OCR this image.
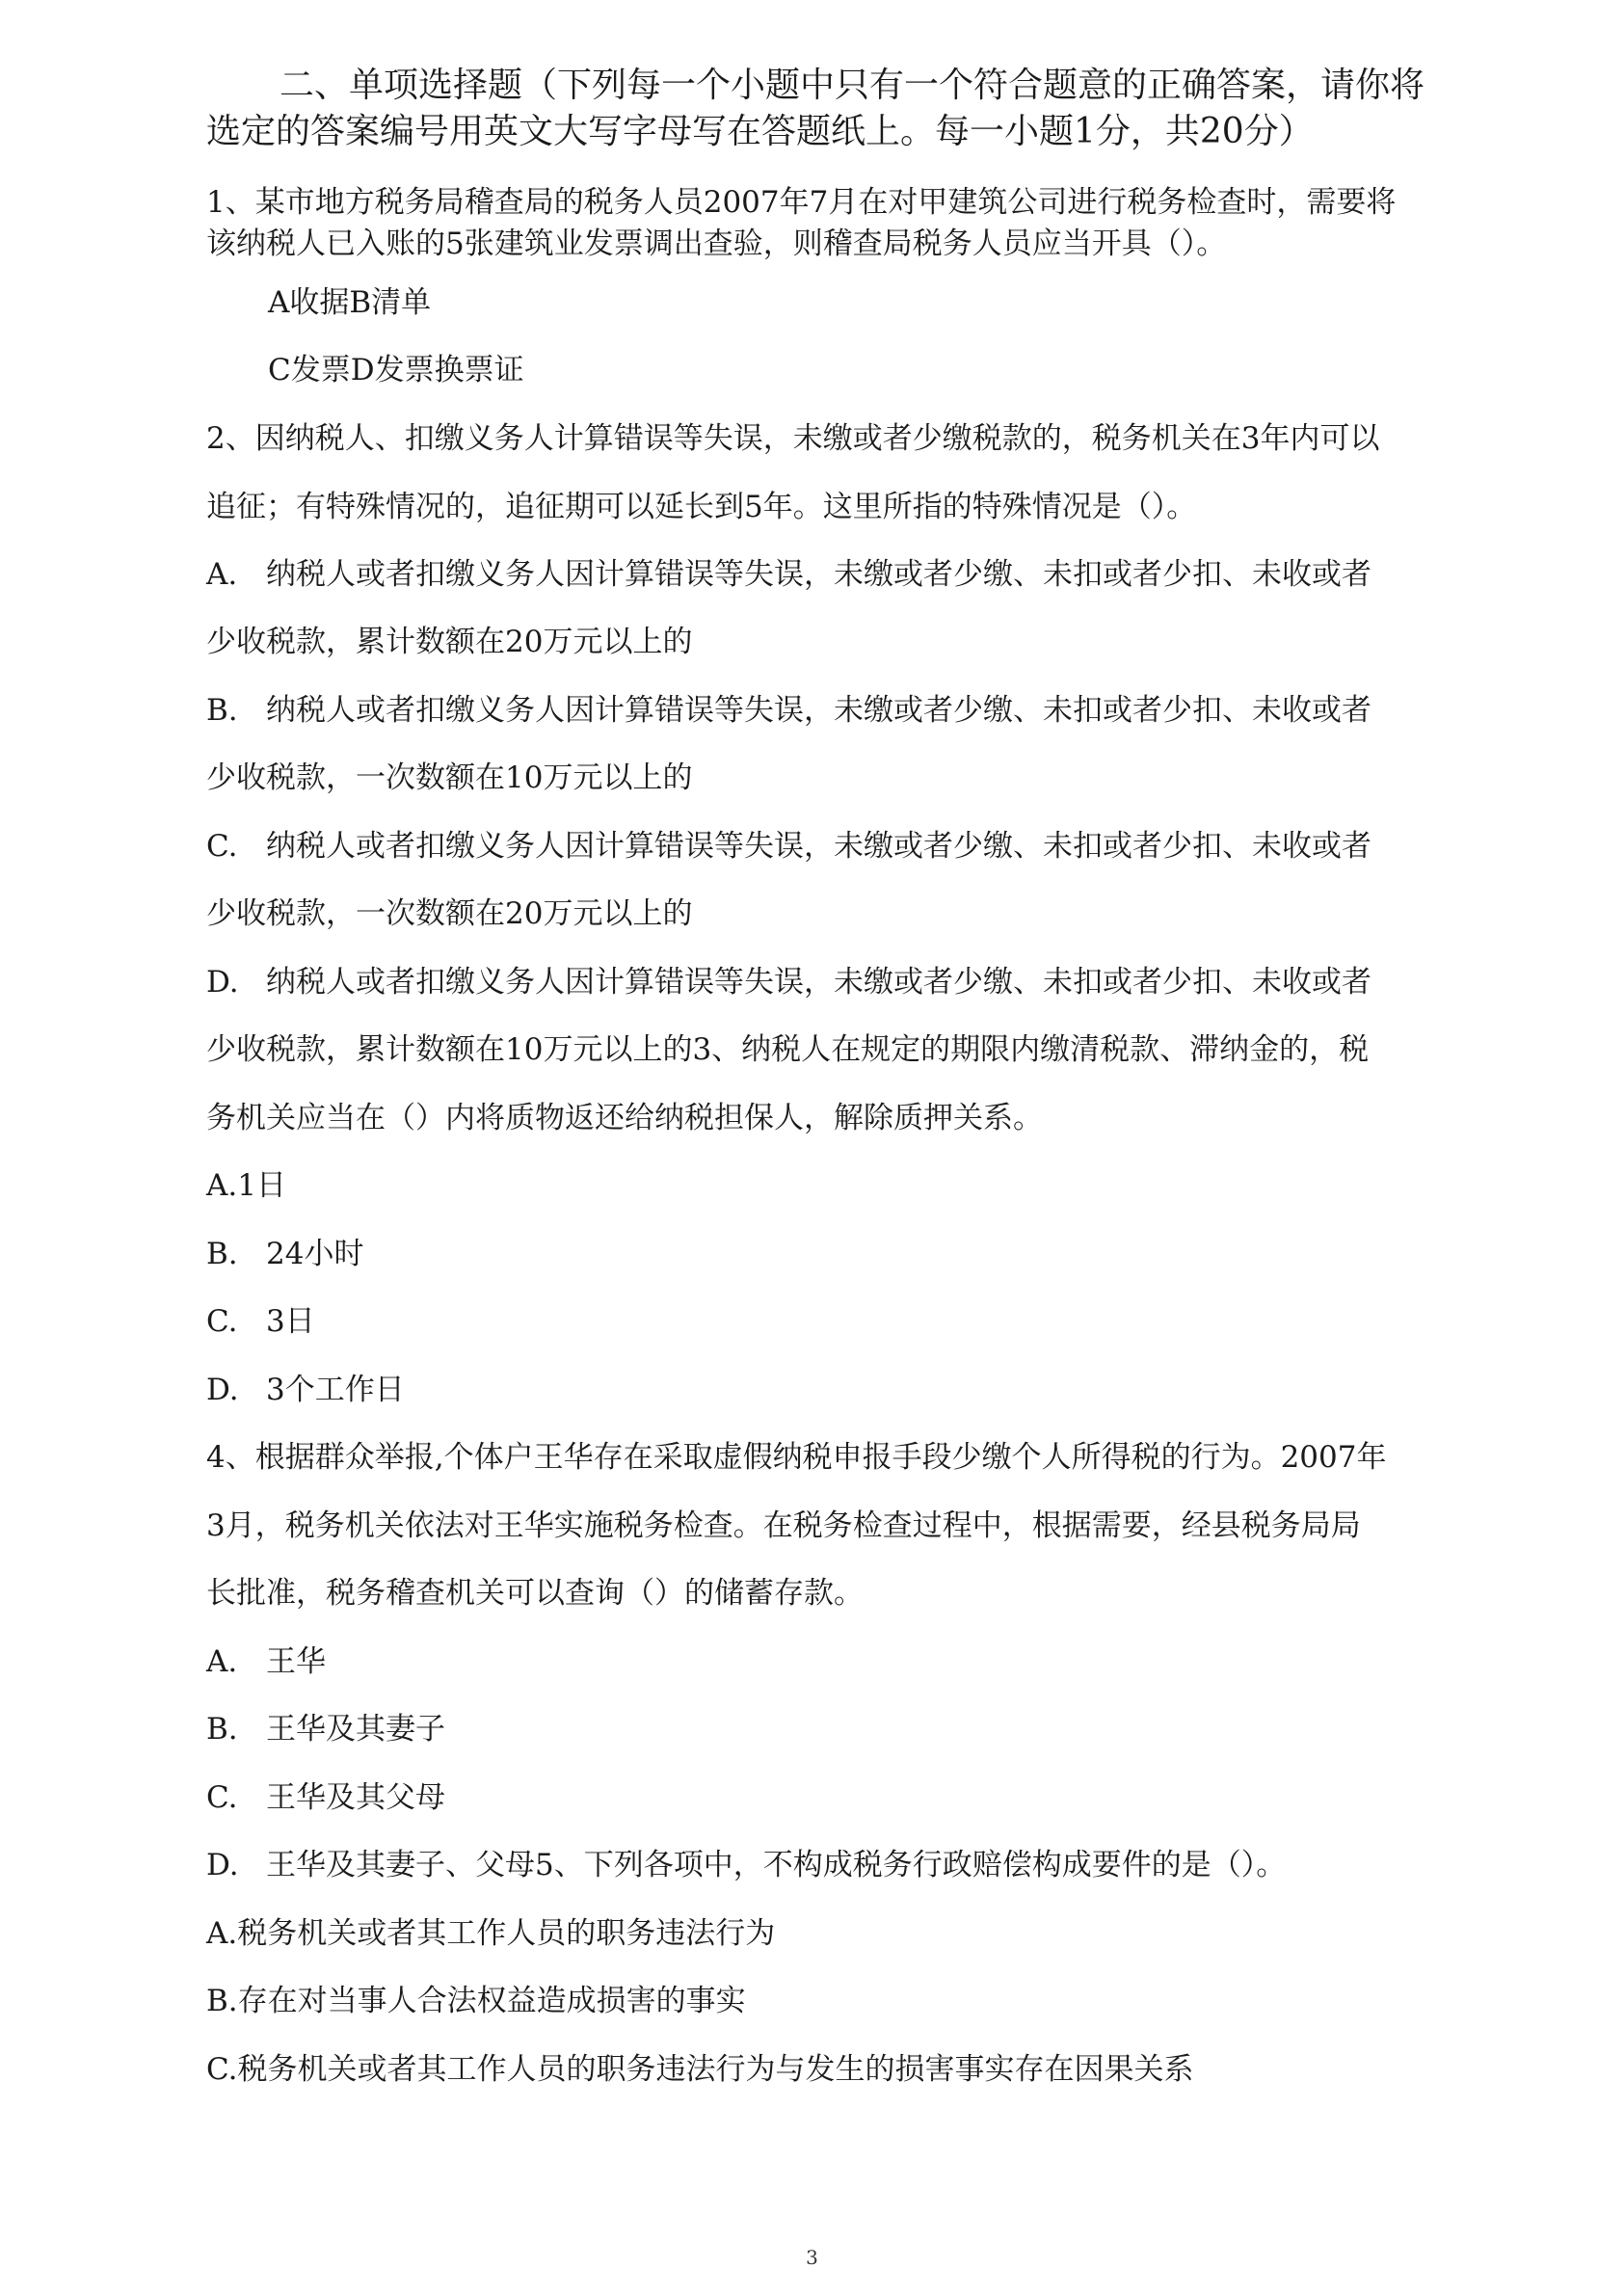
二、单项选择题（下列每一个小题中只有一个符合题意的正确答案，请你将
选定的答案编号用英文大写字母写在答题纸上。每一小题1分，共20分）
1、某市地方税务局稽查局的税务人员2007年7月在对甲建筑公司进行税务检查时，需要将
该纳税人已入账的5张建筑业发票调出查验，则稽查局税务人员应当开具（）。
A收据B清单
C发票D发票换票证
2、因纳税人、扣缴义务人计算错误等失误，未缴或者少缴税款的，税务机关在3年内可以
追征；有特殊情况的，追征期可以延长到5年。这里所指的特殊情况是（）。
A. 纳税人或者扣缴义务人因计算错误等失误，未缴或者少缴、未扣或者少扣、未收或者
少收税款，累计数额在20万元以上的
B. 纳税人或者扣缴义务人因计算错误等失误，未缴或者少缴、未扣或者少扣、未收或者
少收税款，一次数额在10万元以上的
C. 纳税人或者扣缴义务人因计算错误等失误，未缴或者少缴、未扣或者少扣、未收或者
少收税款，一次数额在20万元以上的
D. 纳税人或者扣缴义务人因计算错误等失误，未缴或者少缴、未扣或者少扣、未收或者
少收税款，累计数额在10万元以上的3、纳税人在规定的期限内缴清税款、滞纳金的，税
务机关应当在（）内将质物返还给纳税担保人，解除质押关系。
A.1日
B. 24小时
C. 3日
D. 3个工作日
4、根据群众举报,个体户王华存在采取虚假纳税申报手段少缴个人所得税的行为。2007年
3月，税务机关依法对王华实施税务检查。在税务检查过程中，根据需要，经县税务局局
长批准，税务稽查机关可以查询（）的储蓄存款。
A. 王华
B. 王华及其妻子
C. 王华及其父母
D. 王华及其妻子、父母5、下列各项中，不构成税务行政赔偿构成要件的是（）。
A.税务机关或者其工作人员的职务违法行为
B.存在对当事人合法权益造成损害的事实
C.税务机关或者其工作人员的职务违法行为与发生的损害事实存在因果关系
3
